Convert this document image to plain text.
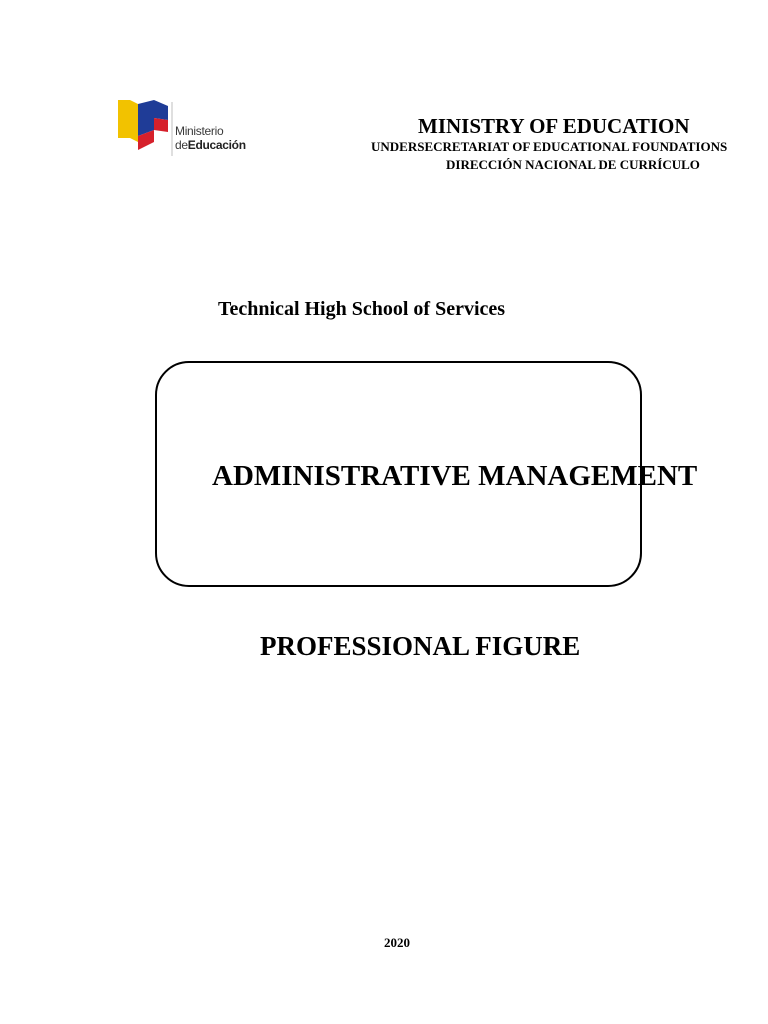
Ministerio
deEducación
MINISTRY OF EDUCATION
UNDERSECRETARIAT OF EDUCATIONAL FOUNDATIONS
DIRECCIÓN NACIONAL DE CURRÍCULO
Technical High School of Services
ADMINISTRATIVE MANAGEMENT
PROFESSIONAL FIGURE
2020
